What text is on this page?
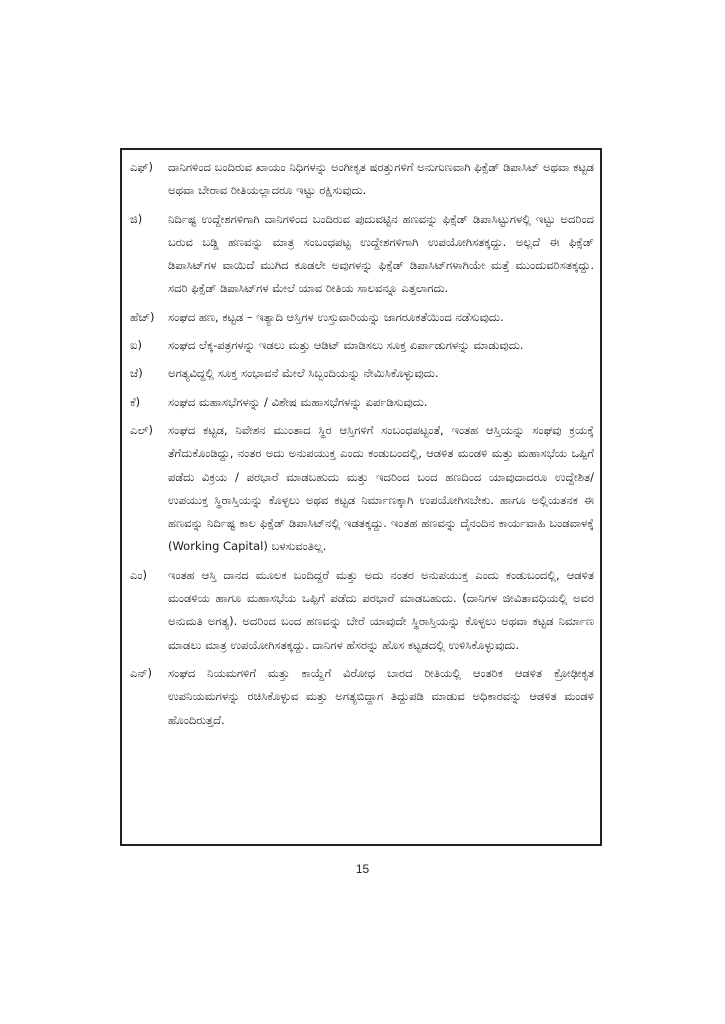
ಎಫ್)	ದಾನಿಗಳಿಂದ ಬಂದಿರುವ ಖಾಯಂ ನಿಧಿಗಳನ್ನು ಅಂಗೀಕೃತ ಷರತ್ತುಗಳಿಗೆ ಅನುಗುಣವಾಗಿ ಫಿಕ್ಸೆಡ್ ಡಿಪಾಸಿಟ್ ಅಥವಾ ಕಟ್ಟಡ ಅಥವಾ ಬೇರಾವ ರೀತಿಯಲ್ಲಾದರೂ ಇಟ್ಟು ರಕ್ಷಿಸುವುದು.
ಜಿ)	ನಿರ್ದಿಷ್ಟ ಉದ್ದೇಶಗಳಿಗಾಗಿ ದಾನಿಗಳಿಂದ ಬಂದಿರುವ ಪುದುವಟ್ಟಿನ ಹಣವನ್ನು ಫಿಕ್ಸೆಡ್ ಡಿಪಾಸಿಟ್ಟುಗಳಲ್ಲಿ ಇಟ್ಟು ಅದರಿಂದ ಬರುವ ಬಡ್ಡಿ ಹಣವನ್ನು ಮಾತ್ರ ಸಂಬಂಧಪಟ್ಟ ಉದ್ದೇಶಗಳಿಗಾಗಿ ಉಪಯೋಗಿಸತಕ್ಕದ್ದು. ಅಲ್ಲದೆ ಈ ಫಿಕ್ಸೆಡ್ ಡಿಪಾಸಿಟ್‌ಗಳ ವಾಯಿದೆ ಮುಗಿದ ಕೂಡಲೇ ಅವುಗಳನ್ನು ಫಿಕ್ಸೆಡ್ ಡಿಪಾಸಿಟ್‌ಗಳಾಗಿಯೇ ಮತ್ತೆ ಮುಂದುವರಿಸತಕ್ಕದ್ದು. ಸದರಿ ಫಿಕ್ಸೆಡ್ ಡಿಪಾಸಿಟ್‌ಗಳ ಮೇಲೆ ಯಾವ ರೀತಿಯ ಸಾಲವನ್ನೂ ಎತ್ತಲಾಗದು.
ಹೆಚ್)	ಸಂಘದ ಹಣ, ಕಟ್ಟಡ – ಇತ್ಯಾದಿ ಆಸ್ತಿಗಳ ಉಸ್ತುವಾರಿಯನ್ನು ಜಾಗರೂಕತೆಯಿಂದ ನಡೆಸುವುದು.
ಐ)	ಸಂಘದ ಲೆಕ್ಕ-ಪತ್ರಗಳನ್ನು ಇಡಲು ಮತ್ತು ಆಡಿಟ್ ಮಾಡಿಸಲು ಸೂಕ್ತ ಏರ್ಪಾಡುಗಳನ್ನು ಮಾಡುವುದು.
ಜೆ)	ಅಗತ್ಯವಿದ್ದಲ್ಲಿ ಸೂಕ್ತ ಸಂಭಾವನೆ ಮೇಲೆ ಸಿಬ್ಬಂದಿಯನ್ನು ನೇಮಿಸಿಕೊಳ್ಳುವುದು.
ಕೆ)	ಸಂಘದ ಮಹಾಸಭೆಗಳನ್ನು / ವಿಶೇಷ ಮಹಾಸಭೆಗಳನ್ನು ಏರ್ಪಡಿಸುವುದು.
ಎಲ್)	ಸಂಘದ ಕಟ್ಟಡ, ನಿವೇಶನ ಮುಂತಾದ ಸ್ಥಿರ ಆಸ್ತಿಗಳಿಗೆ ಸಂಬಂಧಪಟ್ಟಂತೆ, ಇಂತಹ ಆಸ್ತಿಯನ್ನು ಸಂಘವು ಕ್ರಯಕ್ಕೆ ತೆಗೆದುಕೊಂಡಿದ್ದು, ನಂತರ ಅದು ಅನುಪಯುಕ್ತ ಎಂದು ಕಂಡುಬಂದಲ್ಲಿ, ಆಡಳಿತ ಮಂಡಳಿ ಮತ್ತು ಮಹಾಸಭೆಯ ಒಪ್ಪಿಗೆ ಪಡೆದು ವಿಕ್ರಯ / ಪರಭಾರೆ ಮಾಡಬಹುದು ಮತ್ತು ಇದರಿಂದ ಬಂದ ಹಣದಿಂದ ಯಾವುದಾದರೂ ಉದ್ದೇಶಿತ/ ಉಪಯುಕ್ತ ಸ್ಥಿರಾಸ್ತಿಯನ್ನು ಕೊಳ್ಳಲು ಅಥವ ಕಟ್ಟಡ ನಿರ್ಮಾಣಕ್ಕಾಗಿ ಉಪಯೋಗಿಸಬೇಕು. ಹಾಗೂ ಅಲ್ಲಿಯತನಕ ಈ ಹಣವನ್ನು ನಿರ್ದಿಷ್ಟ ಕಾಲ ಫಿಕ್ಸೆಡ್ ಡಿಪಾಸಿಟ್‌ನಲ್ಲಿ ಇಡತಕ್ಕದ್ದು. ಇಂತಹ ಹಣವನ್ನು ದೈನಂದಿನ ಕಾರ್ಯವಾಹಿ ಬಂಡವಾಳಕ್ಕೆ (Working Capital) ಬಳಸುವಂತಿಲ್ಲ.
ಎಂ)	ಇಂತಹ ಆಸ್ತಿ ದಾನದ ಮೂಲಕ ಬಂದಿದ್ದರೆ ಮತ್ತು ಅದು ನಂತರ ಅನುಪಯುಕ್ತ ಎಂದು ಕಂಡುಬಂದಲ್ಲಿ, ಆಡಳಿತ ಮಂಡಳಿಯ ಹಾಗೂ ಮಹಾಸಭೆಯ ಒಪ್ಪಿಗೆ ಪಡೆದು ಪರಭಾರೆ ಮಾಡಬಹುದು. (ದಾನಿಗಳ ಜೀವಿತಾವಧಿಯಲ್ಲಿ ಅವರ ಅನುಮತಿ ಅಗತ್ಯ). ಅದರಿಂದ ಬಂದ ಹಣವನ್ನು ಬೇರೆ ಯಾವುದೇ ಸ್ಥಿರಾಸ್ತಿಯನ್ನು ಕೊಳ್ಳಲು ಅಥವಾ ಕಟ್ಟಡ ನಿರ್ಮಾಣ ಮಾಡಲು ಮಾತ್ರ ಉಪಯೋಗಿಸತಕ್ಕದ್ದು. ದಾನಿಗಳ ಹೆಸರನ್ನು ಹೊಸ ಕಟ್ಟಡದಲ್ಲಿ ಉಳಿಸಿಕೊಳ್ಳುವುದು.
ಎನ್)	ಸಂಘದ ನಿಯಮಗಳಿಗೆ ಮತ್ತು ಕಾಯ್ದೆಗೆ ವಿರೋಧ ಬಾರದ ರೀತಿಯಲ್ಲಿ ಆಂತರಿಕ ಆಡಳಿತ ಕ್ರೋಢೀಕೃತ ಉಪನಿಯಮಗಳನ್ನು ರಚಿಸಿಕೊಳ್ಳುವ ಮತ್ತು ಅಗತ್ಯಬಿದ್ದಾಗ ತಿದ್ದುಪಡಿ ಮಾಡುವ ಅಧಿಕಾರವನ್ನು ಆಡಳಿತ ಮಂಡಳಿ ಹೊಂದಿರುತ್ತದೆ.
15
